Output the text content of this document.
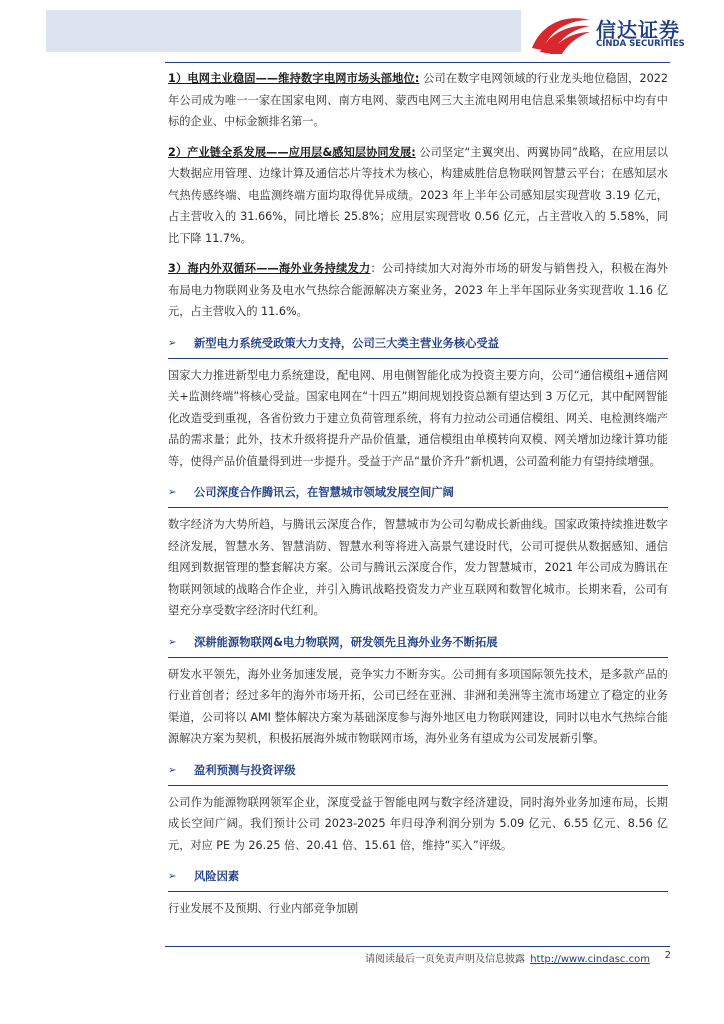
信达证券
CINDA SECURITIES

1）电网主业稳固——维持数字电网市场头部地位: 公司在数字电网领域的行业龙头地位稳固，2022 年公司成为唯一一家在国家电网、南方电网、蒙西电网三大主流电网用电信息采集领域招标中均有中标的企业、中标金额排名第一。

2）产业链全系发展——应用层&感知层协同发展: 公司坚定“主翼突出、两翼协同”战略，在应用层以大数据应用管理、边缘计算及通信芯片等技术为核心，构建威胜信息物联网智慧云平台；在感知层水气热传感终端、电监测终端方面均取得优异成绩。2023 年上半年公司感知层实现营收 3.19 亿元，占主营收入的 31.66%，同比增长 25.8%；应用层实现营收 0.56 亿元，占主营收入的 5.58%，同比下降 11.7%。

3）海内外双循环——海外业务持续发力：公司持续加大对海外市场的研发与销售投入，积极在海外布局电力物联网业务及电水气热综合能源解决方案业务，2023 年上半年国际业务实现营收 1.16 亿元，占主营收入的 11.6%。

➢ 新型电力系统受政策大力支持，公司三大类主营业务核心受益

国家大力推进新型电力系统建设，配电网、用电侧智能化成为投资主要方向，公司“通信模组+通信网关+监测终端”将核心受益。国家电网在“十四五”期间规划投资总额有望达到 3 万亿元，其中配网智能化改造受到重视，各省份致力于建立负荷管理系统，将有力拉动公司通信模组、网关、电检测终端产品的需求量；此外，技术升级将提升产品价值量，通信模组由单模转向双模、网关增加边缘计算功能等，使得产品价值量得到进一步提升。受益于产品“量价齐升”新机遇，公司盈利能力有望持续增强。

➢ 公司深度合作腾讯云，在智慧城市领域发展空间广阔

数字经济为大势所趋，与腾讯云深度合作，智慧城市为公司勾勒成长新曲线。国家政策持续推进数字经济发展，智慧水务、智慧消防、智慧水利等将进入高景气建设时代，公司可提供从数据感知、通信组网到数据管理的整套解决方案。公司与腾讯云深度合作，发力智慧城市，2021 年公司成为腾讯在物联网领域的战略合作企业，并引入腾讯战略投资发力产业互联网和数智化城市。长期来看，公司有望充分享受数字经济时代红利。

➢ 深耕能源物联网&电力物联网，研发领先且海外业务不断拓展

研发水平领先，海外业务加速发展，竞争实力不断夯实。公司拥有多项国际领先技术，是多款产品的行业首创者；经过多年的海外市场开拓，公司已经在亚洲、非洲和美洲等主流市场建立了稳定的业务渠道，公司将以 AMI 整体解决方案为基础深度参与海外地区电力物联网建设，同时以电水气热综合能源解决方案为契机，积极拓展海外城市物联网市场，海外业务有望成为公司发展新引擎。

➢ 盈利预测与投资评级

公司作为能源物联网领军企业，深度受益于智能电网与数字经济建设，同时海外业务加速布局，长期成长空间广阔。我们预计公司 2023-2025 年归母净利润分别为 5.09 亿元、6.55 亿元、8.56 亿元，对应 PE 为 26.25 倍、20.41 倍、15.61 倍，维持“买入”评级。

➢ 风险因素

行业发展不及预期、行业内部竞争加剧

请阅读最后一页免责声明及信息披露 http://www.cindasc.com 2
